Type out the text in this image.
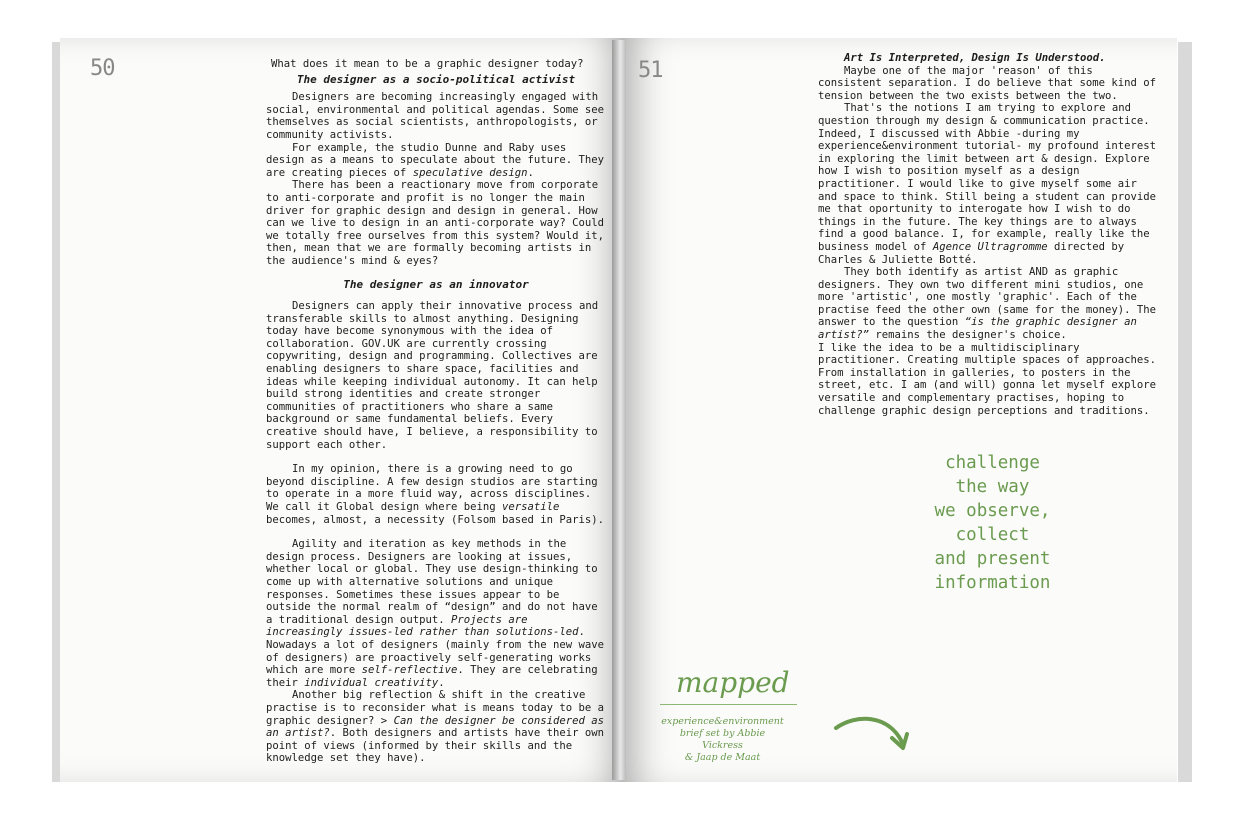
50	51

What does it mean to be a graphic designer today?

The designer as a socio-political activist

Designers are becoming increasingly engaged with social, environmental and political agendas. Some see themselves as social scientists, anthropologists, or community activists.

For example, the studio Dunne and Raby uses design as a means to speculate about the future. They are creating pieces of speculative design.

There has been a reactionary move from corporate to anti-corporate and profit is no longer the main driver for graphic design and design in general. How can we live to design in an anti-corporate way? Could we totally free ourselves from this system? Would it, then, mean that we are formally becoming artists in the audience's mind & eyes?

The designer as an innovator

Designers can apply their innovative process and transferable skills to almost anything. Designing today have become synonymous with the idea of collaboration. GOV.UK are currently crossing copywriting, design and programming. Collectives are enabling designers to share space, facilities and ideas while keeping individual autonomy. It can help build strong identities and create stronger communities of practitioners who share a same background or same fundamental beliefs. Every creative should have, I believe, a responsibility to support each other.

In my opinion, there is a growing need to go beyond discipline. A few design studios are starting to operate in a more fluid way, across disciplines. We call it Global design where being versatile becomes, almost, a necessity (Folsom based in Paris).

Agility and iteration as key methods in the design process. Designers are looking at issues, whether local or global. They use design-thinking to come up with alternative solutions and unique responses. Sometimes these issues appear to be outside the normal realm of “design” and do not have a traditional design output. Projects are increasingly issues-led rather than solutions-led. Nowadays a lot of designers (mainly from the new wave of designers) are proactively self-generating works which are more self-reflective. They are celebrating their individual creativity.

Another big reflection & shift in the creative practise is to reconsider what is means today to be a graphic designer? > Can the designer be considered as an artist?. Both designers and artists have their own point of views (informed by their skills and the knowledge set they have).

Art Is Interpreted, Design Is Understood.

Maybe one of the major 'reason' of this consistent separation. I do believe that some kind of tension between the two exists between the two.

That's the notions I am trying to explore and question through my design & communication practice. Indeed, I discussed with Abbie -during my experience&environment tutorial- my profound interest in exploring the limit between art & design. Explore how I wish to position myself as a design practitioner. I would like to give myself some air and space to think. Still being a student can provide me that oportunity to interogate how I wish to do things in the future. The key things are to always find a good balance. I, for example, really like the business model of Agence Ultragromme directed by Charles & Juliette Botté.

They both identify as artist AND as graphic designers. They own two different mini studios, one more 'artistic', one mostly 'graphic'. Each of the practise feed the other own (same for the money). The answer to the question “is the graphic designer an artist?” remains the designer's choice.

I like the idea to be a multidisciplinary practitioner. Creating multiple spaces of approaches. From installation in galleries, to posters in the street, etc. I am (and will) gonna let myself explore versatile and complementary practises, hoping to challenge graphic design perceptions and traditions.

challenge
the way
we observe,
collect
and present
information
mapped
experience&environment
brief set by Abbie Vickress
& Jaap de Maat
